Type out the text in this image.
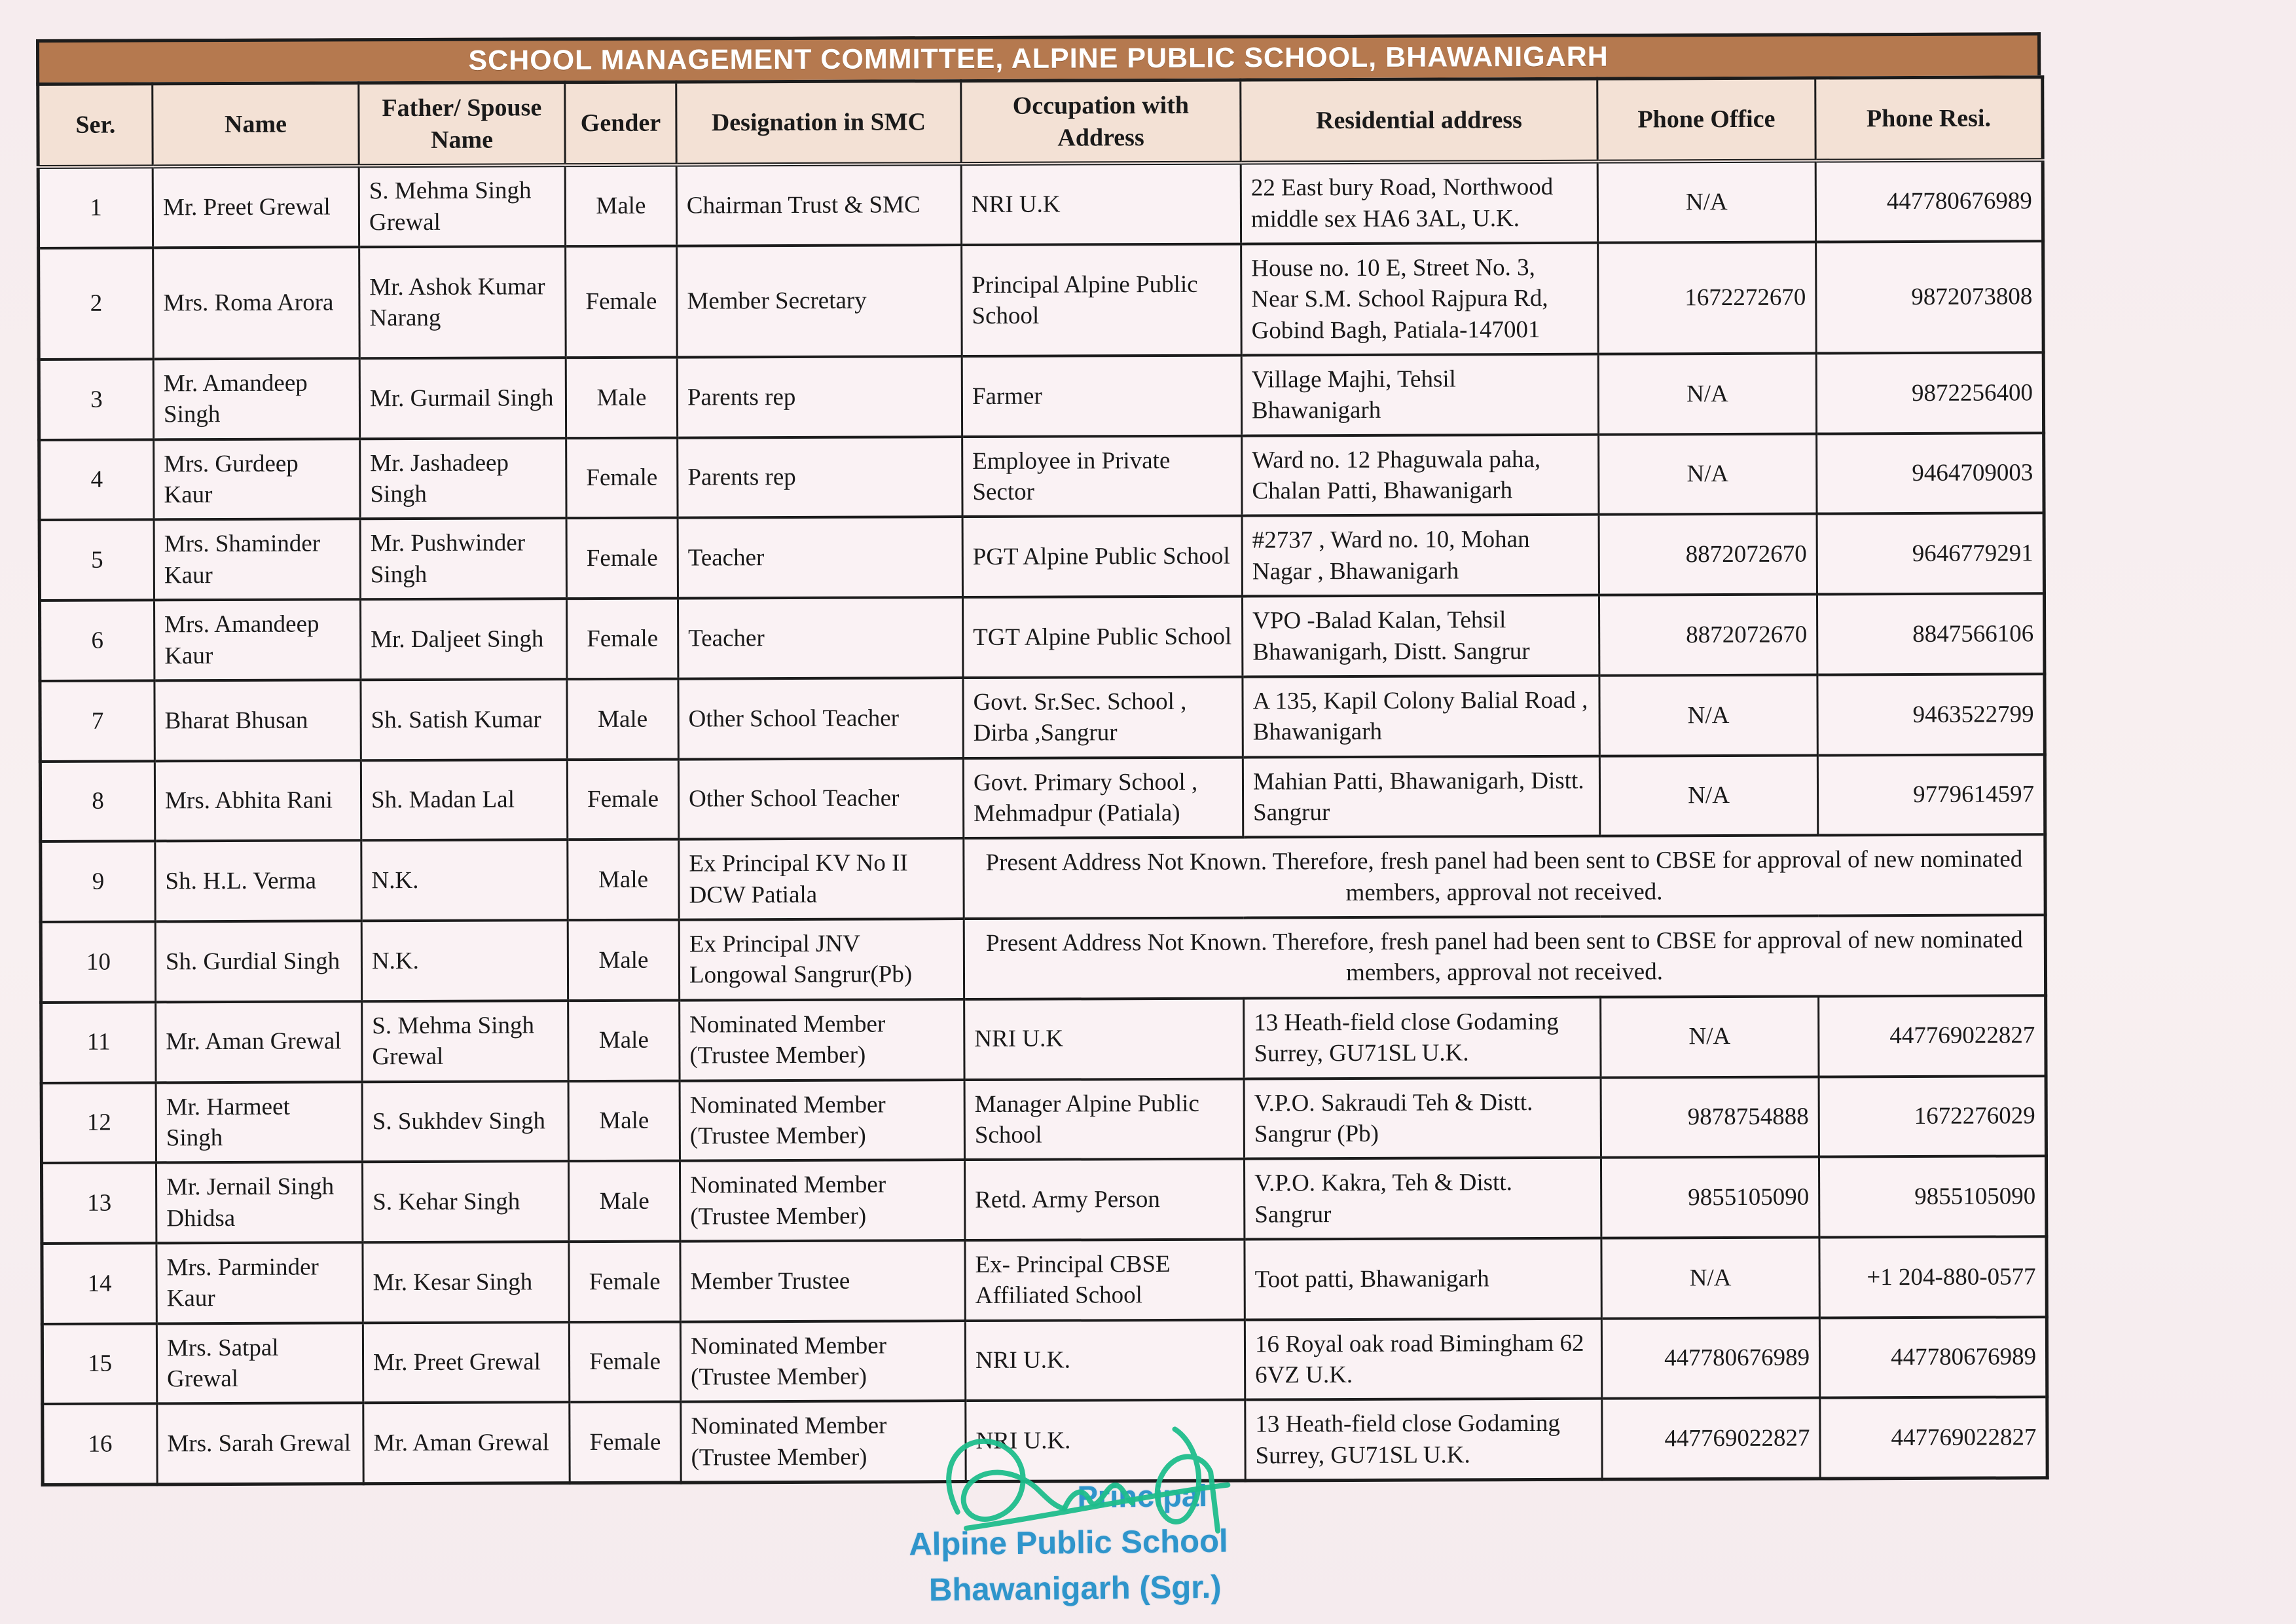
SCHOOL MANAGEMENT COMMITTEE, ALPINE PUBLIC SCHOOL, BHAWANIGARH
Ser.	Name	Father/ Spouse Name	Gender	Designation in SMC	Occupation with Address	Residential address	Phone Office	Phone Resi.
1	Mr. Preet Grewal	S. Mehma Singh Grewal	Male	Chairman Trust & SMC	NRI U.K	22 East bury Road, Northwood middle sex HA6 3AL, U.K.	N/A	447780676989
2	Mrs. Roma Arora	Mr. Ashok Kumar Narang	Female	Member Secretary	Principal Alpine Public School	House no. 10 E, Street No. 3, Near S.M. School Rajpura Rd, Gobind Bagh, Patiala-147001	1672272670	9872073808
3	Mr. Amandeep Singh	Mr. Gurmail Singh	Male	Parents rep	Farmer	Village Majhi, Tehsil Bhawanigarh	N/A	9872256400
4	Mrs. Gurdeep Kaur	Mr. Jashadeep Singh	Female	Parents rep	Employee in Private Sector	Ward no. 12 Phaguwala paha, Chalan Patti, Bhawanigarh	N/A	9464709003
5	Mrs. Shaminder Kaur	Mr. Pushwinder Singh	Female	Teacher	PGT Alpine Public School	#2737 , Ward no. 10, Mohan Nagar , Bhawanigarh	8872072670	9646779291
6	Mrs. Amandeep Kaur	Mr. Daljeet Singh	Female	Teacher	TGT Alpine Public School	VPO -Balad Kalan, Tehsil Bhawanigarh, Distt. Sangrur	8872072670	8847566106
7	Bharat Bhusan	Sh. Satish Kumar	Male	Other School Teacher	Govt. Sr.Sec. School , Dirba ,Sangrur	A 135, Kapil Colony Balial Road , Bhawanigarh	N/A	9463522799
8	Mrs. Abhita Rani	Sh. Madan Lal	Female	Other School Teacher	Govt. Primary School , Mehmadpur (Patiala)	Mahian Patti, Bhawanigarh, Distt. Sangrur	N/A	9779614597
9	Sh. H.L. Verma	N.K.	Male	Ex Principal KV No II DCW Patiala	Present Address Not Known. Therefore, fresh panel had been sent to CBSE for approval of new nominated members, approval not received.			
10	Sh. Gurdial Singh	N.K.	Male	Ex Principal JNV Longowal Sangrur(Pb)	Present Address Not Known. Therefore, fresh panel had been sent to CBSE for approval of new nominated members, approval not received.			
11	Mr. Aman Grewal	S. Mehma Singh Grewal	Male	Nominated Member (Trustee Member)	NRI U.K	13 Heath-field close Godaming Surrey, GU71SL U.K.	N/A	447769022827
12	Mr. Harmeet Singh	S. Sukhdev Singh	Male	Nominated Member (Trustee Member)	Manager Alpine Public School	V.P.O. Sakraudi Teh & Distt. Sangrur (Pb)	9878754888	1672276029
13	Mr. Jernail Singh Dhidsa	S. Kehar Singh	Male	Nominated Member (Trustee Member)	Retd. Army Person	V.P.O. Kakra, Teh & Distt. Sangrur	9855105090	9855105090
14	Mrs. Parminder Kaur	Mr. Kesar Singh	Female	Member Trustee	Ex- Principal CBSE Affiliated School	Toot patti, Bhawanigarh	N/A	+1 204-880-0577
15	Mrs. Satpal Grewal	Mr. Preet Grewal	Female	Nominated Member (Trustee Member)	NRI U.K.	16 Royal oak road Bimingham 62 6VZ U.K.	447780676989	447780676989
16	Mrs. Sarah Grewal	Mr. Aman Grewal	Female	Nominated Member (Trustee Member)	NRI U.K.	13 Heath-field close Godaming Surrey, GU71SL U.K.	447769022827	447769022827
Principal
Alpine Public School
Bhawanigarh (Sgr.)
